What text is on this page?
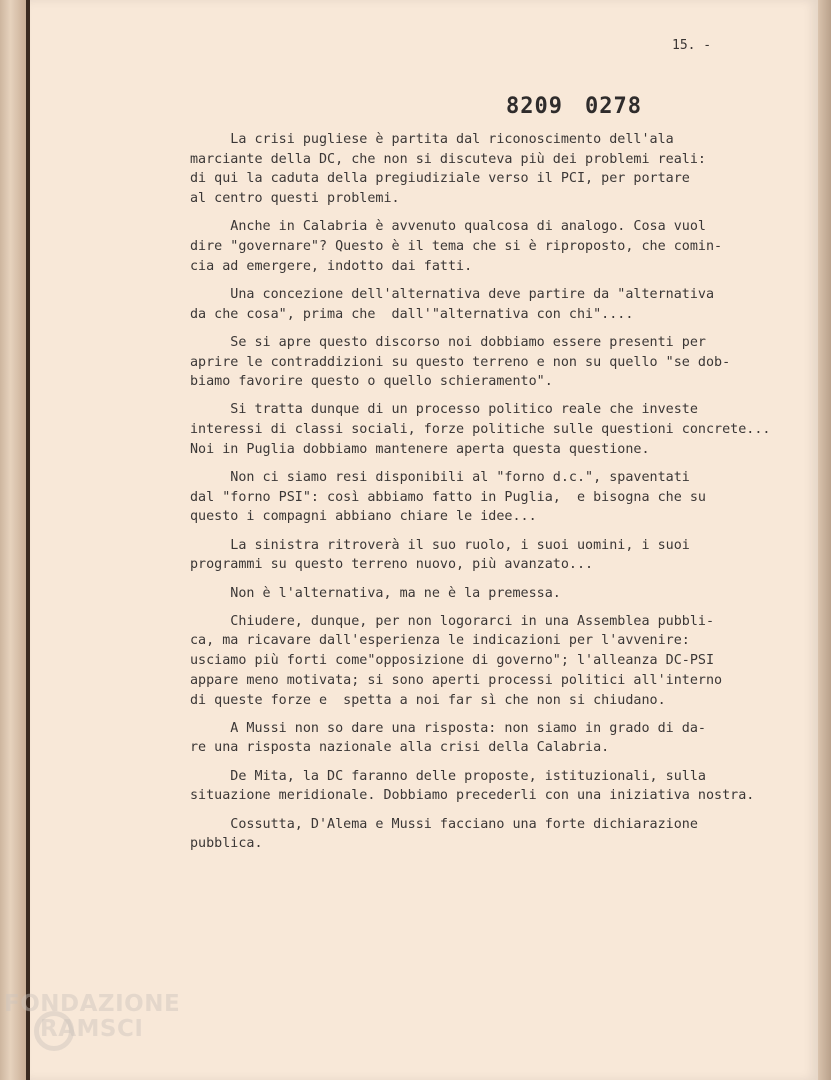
15. -
8209 0278
La crisi pugliese è partita dal riconoscimento dell'ala
marciante della DC, che non si discuteva più dei problemi reali:
di qui la caduta della pregiudiziale verso il PCI, per portare
al centro questi problemi.
Anche in Calabria è avvenuto qualcosa di analogo. Cosa vuol
dire "governare"? Questo è il tema che si è riproposto, che comin-
cia ad emergere, indotto dai fatti.
Una concezione dell'alternativa deve partire da "alternativa
da che cosa", prima che  dall'"alternativa con chi"....
Se si apre questo discorso noi dobbiamo essere presenti per
aprire le contraddizioni su questo terreno e non su quello "se dob-
biamo favorire questo o quello schieramento".
Si tratta dunque di un processo politico reale che investe
interessi di classi sociali, forze politiche sulle questioni concrete...
Noi in Puglia dobbiamo mantenere aperta questa questione.
Non ci siamo resi disponibili al "forno d.c.", spaventati
dal "forno PSI": così abbiamo fatto in Puglia,  e bisogna che su
questo i compagni abbiano chiare le idee...
La sinistra ritroverà il suo ruolo, i suoi uomini, i suoi
programmi su questo terreno nuovo, più avanzato...
Non è l'alternativa, ma ne è la premessa.
Chiudere, dunque, per non logorarci in una Assemblea pubbli-
ca, ma ricavare dall'esperienza le indicazioni per l'avvenire:
usciamo più forti come"opposizione di governo"; l'alleanza DC-PSI
appare meno motivata; si sono aperti processi politici all'interno
di queste forze e  spetta a noi far sì che non si chiudano.
A Mussi non so dare una risposta: non siamo in grado di da-
re una risposta nazionale alla crisi della Calabria.
De Mita, la DC faranno delle proposte, istituzionali, sulla
situazione meridionale. Dobbiamo precederli con una iniziativa nostra.
Cossutta, D'Alema e Mussi facciano una forte dichiarazione
pubblica.
FONDAZIONE
RAMSCI
